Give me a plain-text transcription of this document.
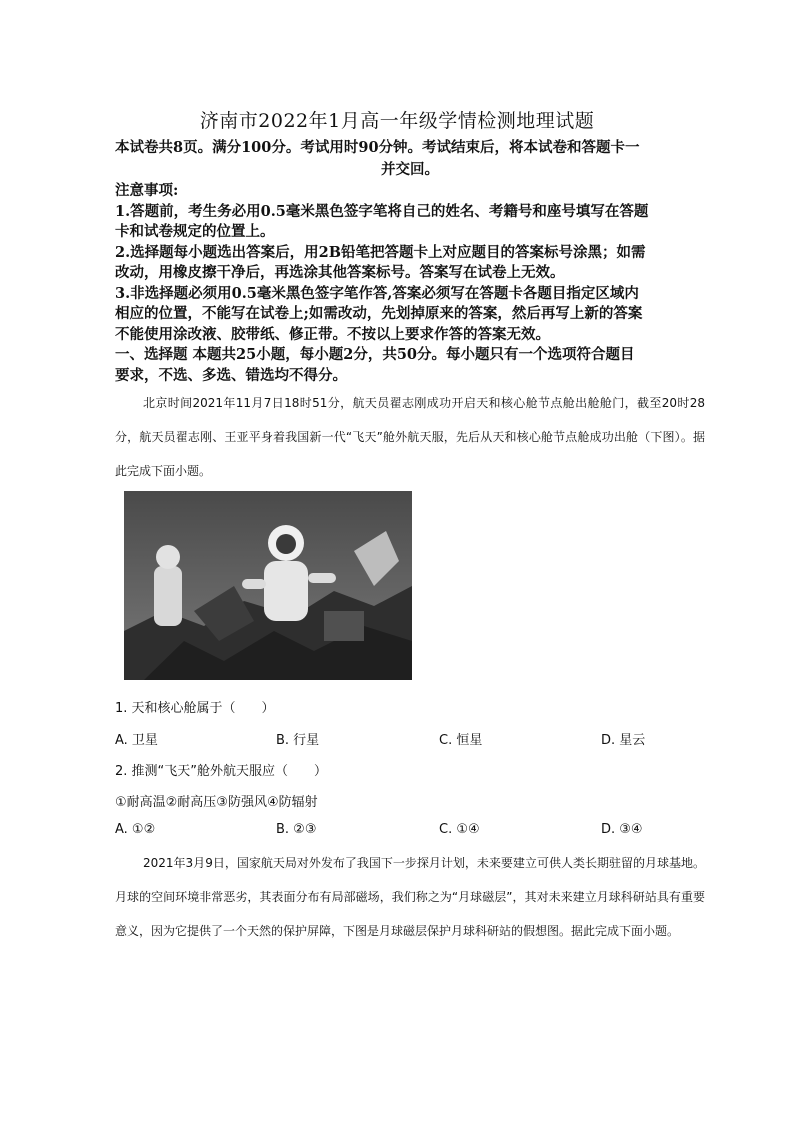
济南市2022年1月高一年级学情检测地理试题
本试卷共8页。满分100分。考试用时90分钟。考试结束后，将本试卷和答题卡一
并交回。
注意事项:
1.答题前，考生务必用0.5毫米黑色签字笔将自己的姓名、考籍号和座号填写在答题
卡和试卷规定的位置上。
2.选择题每小题选出答案后，用2B铅笔把答题卡上对应题目的答案标号涂黑；如需
改动，用橡皮擦干净后，再选涂其他答案标号。答案写在试卷上无效。
3.非选择题必须用0.5毫米黑色签字笔作答,答案必须写在答题卡各题目指定区域内
相应的位置，不能写在试卷上;如需改动，先划掉原来的答案，然后再写上新的答案
不能使用涂改液、胶带纸、修正带。不按以上要求作答的答案无效。
一、选择题 本题共25小题，每小题2分，共50分。每小题只有一个选项符合题目
要求，不选、多选、错选均不得分。
北京时间2021年11月7日18时51分，航天员翟志刚成功开启天和核心舱节点舱出舱舱门，截至20时28分，航天员翟志刚、王亚平身着我国新一代“飞天”舱外航天服，先后从天和核心舱节点舱成功出舱（下图）。据此完成下面小题。
1. 天和核心舱属于（　　）
A. 卫星	B. 行星	C. 恒星	D. 星云
2. 推测“飞天”舱外航天服应（　　）
①耐高温②耐高压③防强风④防辐射
A. ①②	B. ②③	C. ①④	D. ③④
2021年3月9日，国家航天局对外发布了我国下一步探月计划，未来要建立可供人类长期驻留的月球基地。月球的空间环境非常恶劣，其表面分布有局部磁场，我们称之为“月球磁层”，其对未来建立月球科研站具有重要意义，因为它提供了一个天然的保护屏障，下图是月球磁层保护月球科研站的假想图。据此完成下面小题。
